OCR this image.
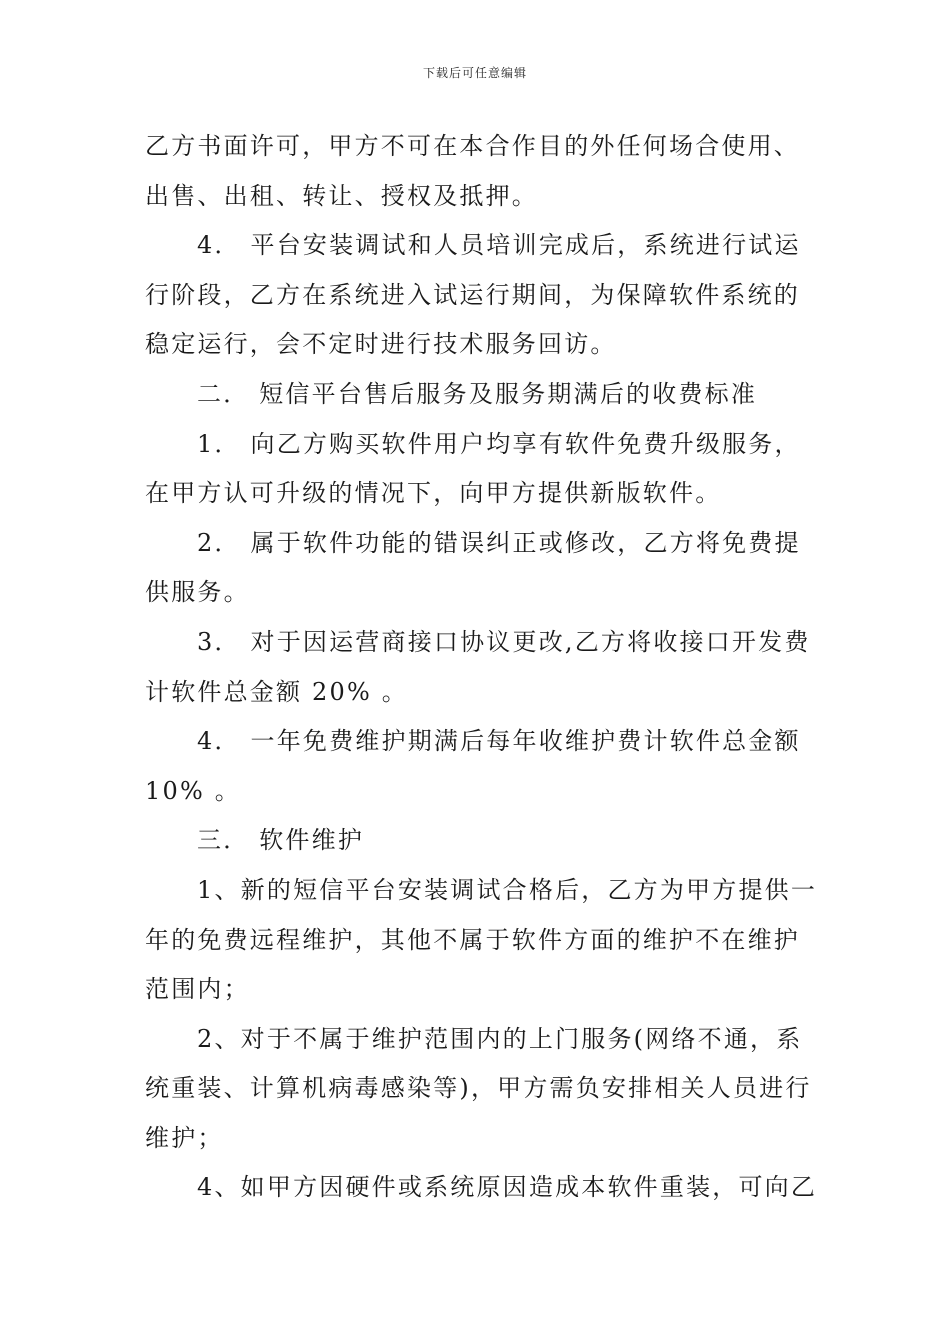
下载后可任意编辑
乙方书面许可，甲方不可在本合作目的外任何场合使用、
出售、出租、转让、授权及抵押。
4． 平台安装调试和人员培训完成后，系统进行试运
行阶段，乙方在系统进入试运行期间，为保障软件系统的
稳定运行，会不定时进行技术服务回访。
二． 短信平台售后服务及服务期满后的收费标准
1． 向乙方购买软件用户均享有软件免费升级服务，
在甲方认可升级的情况下，向甲方提供新版软件。
2． 属于软件功能的错误纠正或修改，乙方将免费提
供服务。
3． 对于因运营商接口协议更改,乙方将收接口开发费
计软件总金额 20% 。
4． 一年免费维护期满后每年收维护费计软件总金额
10% 。
三． 软件维护
1、新的短信平台安装调试合格后，乙方为甲方提供一
年的免费远程维护，其他不属于软件方面的维护不在维护
范围内；
2、对于不属于维护范围内的上门服务(网络不通，系
统重装、计算机病毒感染等)，甲方需负安排相关人员进行
维护；
4、如甲方因硬件或系统原因造成本软件重装，可向乙
